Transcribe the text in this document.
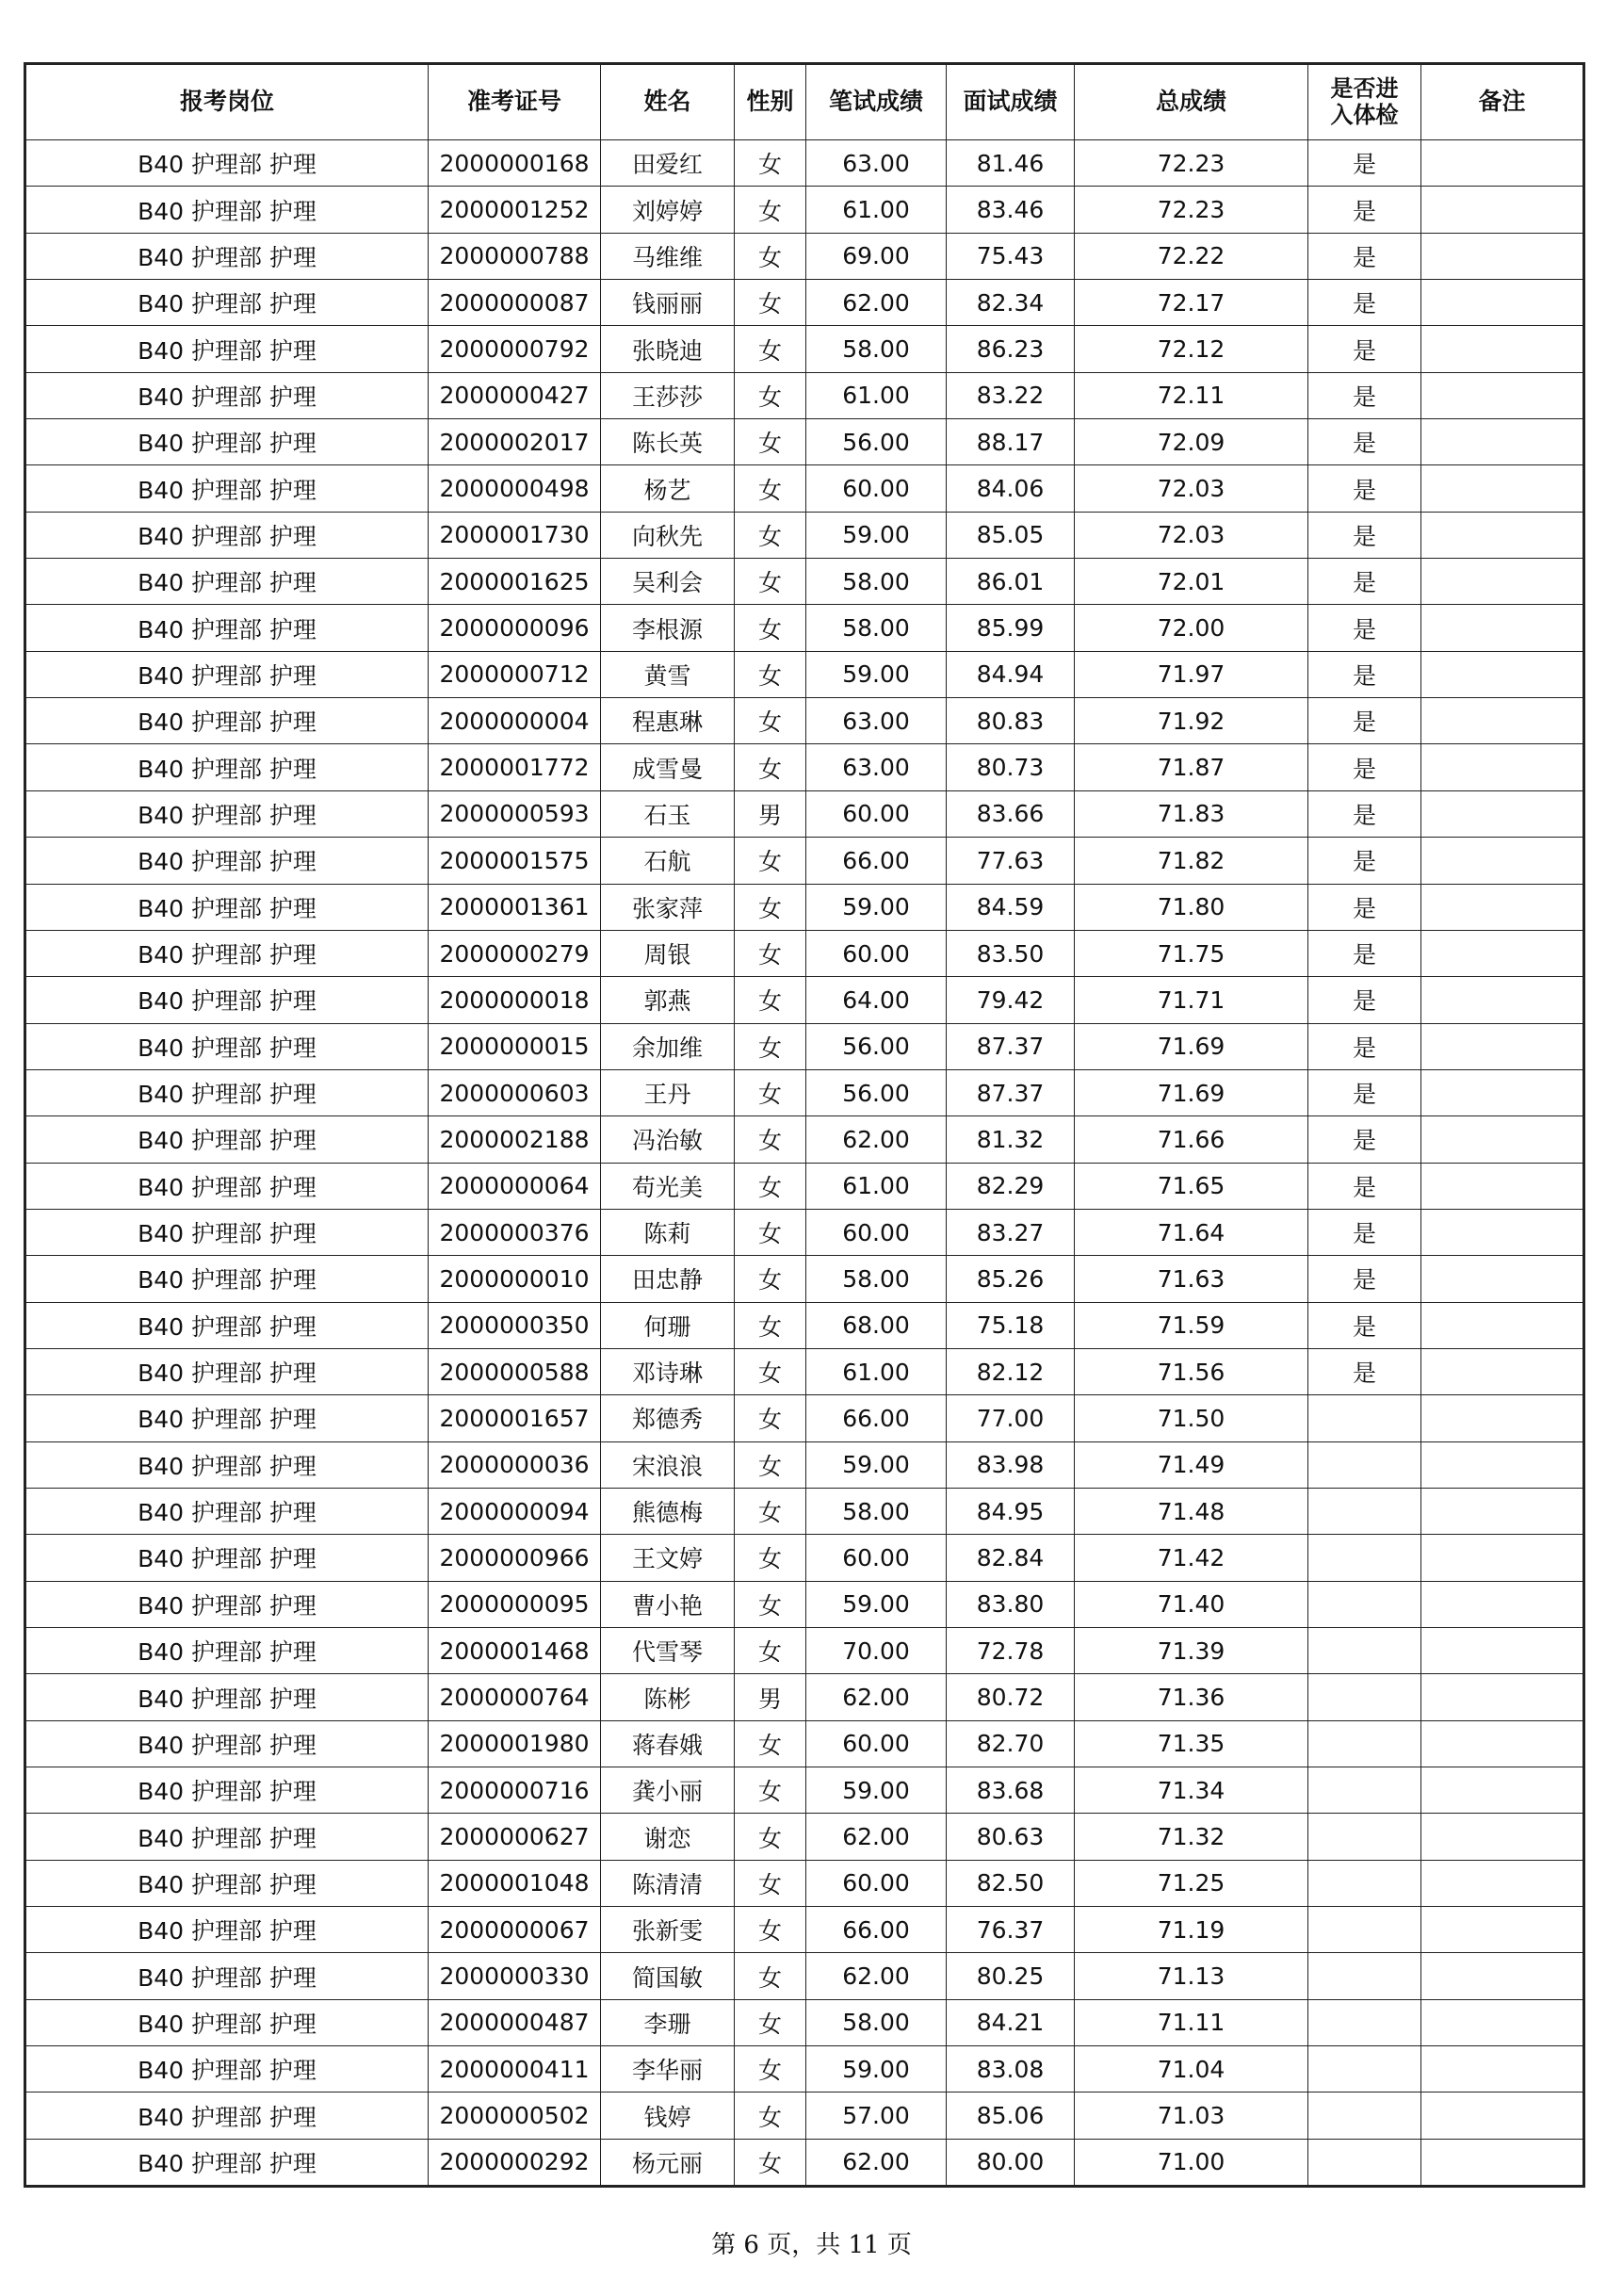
报考岗位	准考证号	姓名	性别	笔试成绩	面试成绩	总成绩	是否进入体检	备注
B40 护理部 护理	2000000168	田爱红	女	63.00	81.46	72.23	是	
B40 护理部 护理	2000001252	刘婷婷	女	61.00	83.46	72.23	是	
B40 护理部 护理	2000000788	马维维	女	69.00	75.43	72.22	是	
B40 护理部 护理	2000000087	钱丽丽	女	62.00	82.34	72.17	是	
B40 护理部 护理	2000000792	张晓迪	女	58.00	86.23	72.12	是	
B40 护理部 护理	2000000427	王莎莎	女	61.00	83.22	72.11	是	
B40 护理部 护理	2000002017	陈长英	女	56.00	88.17	72.09	是	
B40 护理部 护理	2000000498	杨艺	女	60.00	84.06	72.03	是	
B40 护理部 护理	2000001730	向秋先	女	59.00	85.05	72.03	是	
B40 护理部 护理	2000001625	吴利会	女	58.00	86.01	72.01	是	
B40 护理部 护理	2000000096	李根源	女	58.00	85.99	72.00	是	
B40 护理部 护理	2000000712	黄雪	女	59.00	84.94	71.97	是	
B40 护理部 护理	2000000004	程惠琳	女	63.00	80.83	71.92	是	
B40 护理部 护理	2000001772	成雪曼	女	63.00	80.73	71.87	是	
B40 护理部 护理	2000000593	石玉	男	60.00	83.66	71.83	是	
B40 护理部 护理	2000001575	石航	女	66.00	77.63	71.82	是	
B40 护理部 护理	2000001361	张家萍	女	59.00	84.59	71.80	是	
B40 护理部 护理	2000000279	周银	女	60.00	83.50	71.75	是	
B40 护理部 护理	2000000018	郭燕	女	64.00	79.42	71.71	是	
B40 护理部 护理	2000000015	余加维	女	56.00	87.37	71.69	是	
B40 护理部 护理	2000000603	王丹	女	56.00	87.37	71.69	是	
B40 护理部 护理	2000002188	冯治敏	女	62.00	81.32	71.66	是	
B40 护理部 护理	2000000064	苟光美	女	61.00	82.29	71.65	是	
B40 护理部 护理	2000000376	陈莉	女	60.00	83.27	71.64	是	
B40 护理部 护理	2000000010	田忠静	女	58.00	85.26	71.63	是	
B40 护理部 护理	2000000350	何珊	女	68.00	75.18	71.59	是	
B40 护理部 护理	2000000588	邓诗琳	女	61.00	82.12	71.56	是	
B40 护理部 护理	2000001657	郑德秀	女	66.00	77.00	71.50		
B40 护理部 护理	2000000036	宋浪浪	女	59.00	83.98	71.49		
B40 护理部 护理	2000000094	熊德梅	女	58.00	84.95	71.48		
B40 护理部 护理	2000000966	王文婷	女	60.00	82.84	71.42		
B40 护理部 护理	2000000095	曹小艳	女	59.00	83.80	71.40		
B40 护理部 护理	2000001468	代雪琴	女	70.00	72.78	71.39		
B40 护理部 护理	2000000764	陈彬	男	62.00	80.72	71.36		
B40 护理部 护理	2000001980	蒋春娥	女	60.00	82.70	71.35		
B40 护理部 护理	2000000716	龚小丽	女	59.00	83.68	71.34		
B40 护理部 护理	2000000627	谢恋	女	62.00	80.63	71.32		
B40 护理部 护理	2000001048	陈清清	女	60.00	82.50	71.25		
B40 护理部 护理	2000000067	张新雯	女	66.00	76.37	71.19		
B40 护理部 护理	2000000330	简国敏	女	62.00	80.25	71.13		
B40 护理部 护理	2000000487	李珊	女	58.00	84.21	71.11		
B40 护理部 护理	2000000411	李华丽	女	59.00	83.08	71.04		
B40 护理部 护理	2000000502	钱婷	女	57.00	85.06	71.03		
B40 护理部 护理	2000000292	杨元丽	女	62.00	80.00	71.00		
第 6 页，共 11 页
